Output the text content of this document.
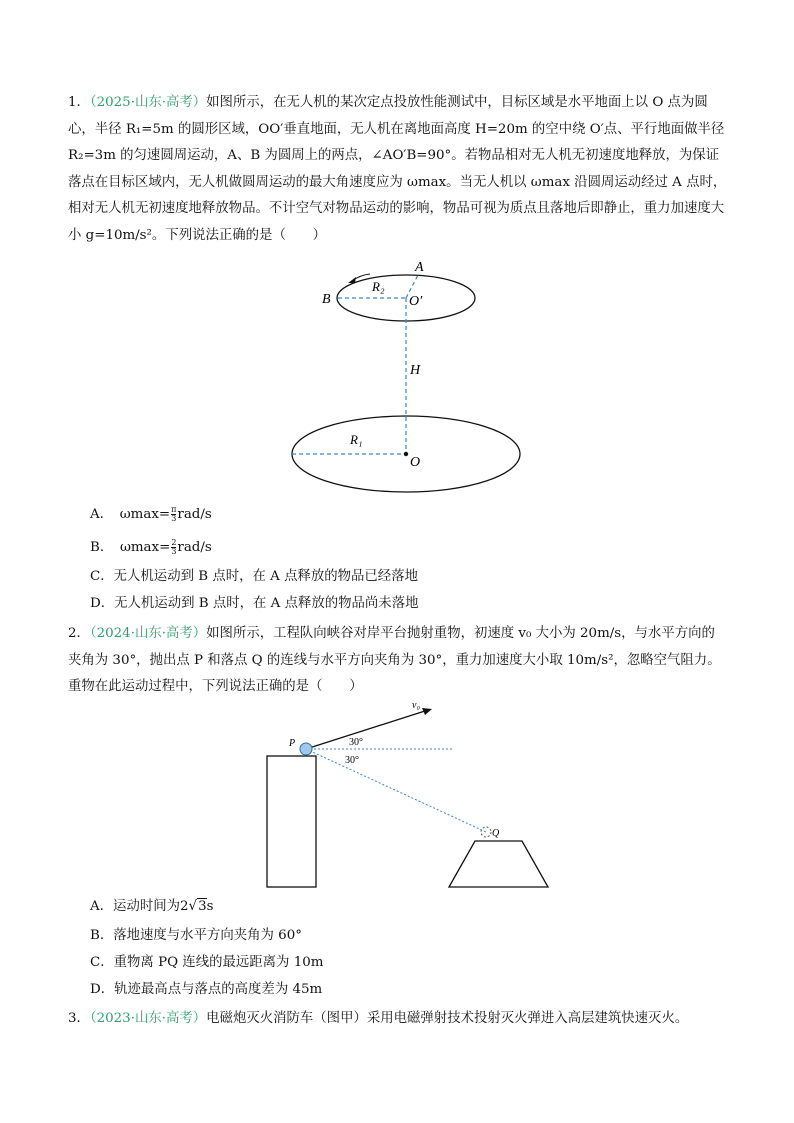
1．（2025·山东·高考）如图所示，在无人机的某次定点投放性能测试中，目标区域是水平地面上以 O 点为圆心，半径 R₁=5m 的圆形区域，OO′垂直地面，无人机在离地面高度 H=20m 的空中绕 O′点、平行地面做半径 R₂=3m 的匀速圆周运动，A、B 为圆周上的两点，∠AO′B=90°。若物品相对无人机无初速度地释放，为保证落点在目标区域内，无人机做圆周运动的最大角速度应为 ωmax。当无人机以 ωmax 沿圆周运动经过 A 点时，相对无人机无初速度地释放物品。不计空气对物品运动的影响，物品可视为质点且落地后即静止，重力加速度大小 g=10m/s²。下列说法正确的是（　　）
A
B
R₂
O′
H
R₁
O
A．  $\omega\max= \frac{\pi}{3} rad/s$
B．  $\omega\max= \frac{2}{3} rad/s$
C．无人机运动到 B 点时，在 A 点释放的物品已经落地
D．无人机运动到 B 点时，在 A 点释放的物品尚未落地
2．（2024·山东·高考）如图所示，工程队向峡谷对岸平台抛射重物，初速度 v₀ 大小为 20m/s，与水平方向的夹角为 30°，抛出点 P 和落点 Q 的连线与水平方向夹角为 30°，重力加速度大小取 10m/s²，忽略空气阻力。重物在此运动过程中，下列说法正确的是（　　）
v₀
P
Q
30°
30°
A．运动时间为2√3s
B．落地速度与水平方向夹角为 60°
C．重物离 PQ 连线的最远距离为 10m
D．轨迹最高点与落点的高度差为 45m
3．（2023·山东·高考）电磁炮灭火消防车（图甲）采用电磁弹射技术投射灭火弹进入高层建筑快速灭火。
